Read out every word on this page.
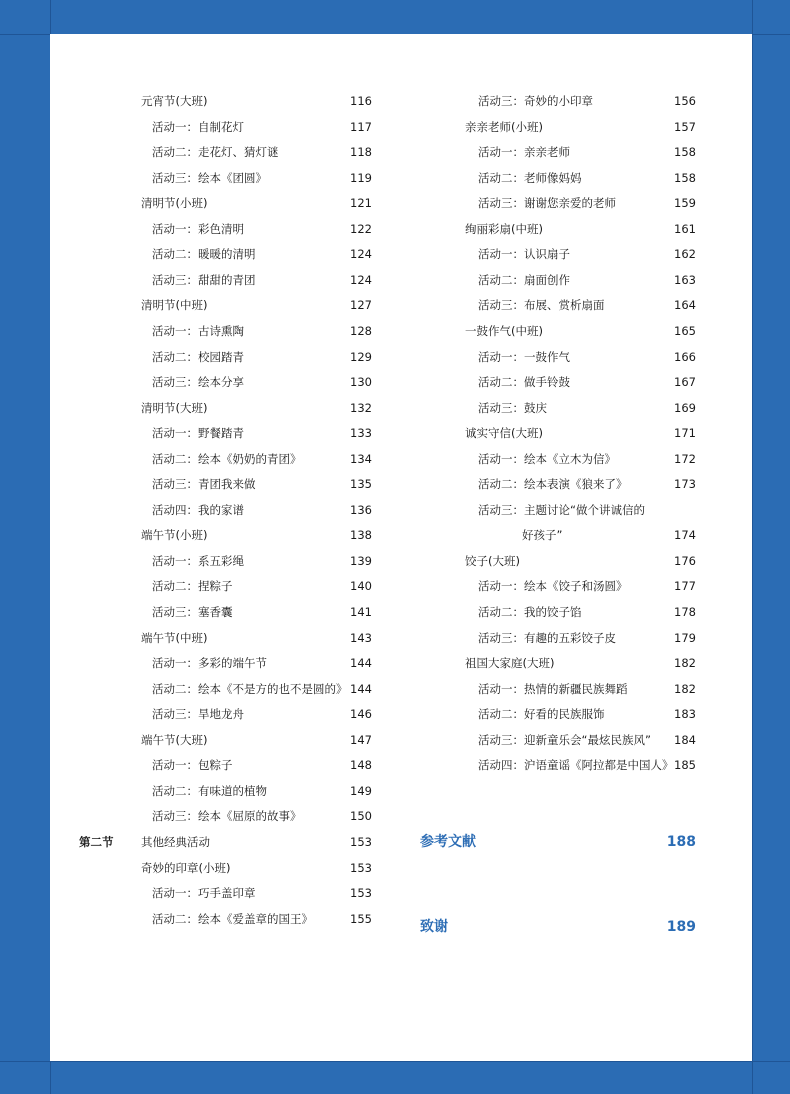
元宵节(大班)	116
活动一：自制花灯	117
活动二：走花灯、猜灯谜	118
活动三：绘本《团圆》	119
清明节(小班)	121
活动一：彩色清明	122
活动二：暖暖的清明	124
活动三：甜甜的青团	124
清明节(中班)	127
活动一：古诗熏陶	128
活动二：校园踏青	129
活动三：绘本分享	130
清明节(大班)	132
活动一：野餐踏青	133
活动二：绘本《奶奶的青团》	134
活动三：青团我来做	135
活动四：我的家谱	136
端午节(小班)	138
活动一：系五彩绳	139
活动二：捏粽子	140
活动三：塞香囊	141
端午节(中班)	143
活动一：多彩的端午节	144
活动二：绘本《不是方的也不是圆的》 144
活动三：旱地龙舟	146
端午节(大班)	147
活动一：包粽子	148
活动二：有味道的植物	149
活动三：绘本《屈原的故事》	150
第二节 其他经典活动	153
奇妙的印章(小班)	153
活动一：巧手盖印章	153
活动二：绘本《爱盖章的国王》	155
活动三：奇妙的小印章	156
亲亲老师(小班)	157
活动一：亲亲老师	158
活动二：老师像妈妈	158
活动三：谢谢您亲爱的老师	159
绚丽彩扇(中班)	161
活动一：认识扇子	162
活动二：扇面创作	163
活动三：布展、赏析扇面	164
一鼓作气(中班)	165
活动一：一鼓作气	166
活动二：做手铃鼓	167
活动三：鼓庆	169
诚实守信(大班)	171
活动一：绘本《立木为信》	172
活动二：绘本表演《狼来了》	173
活动三：主题讨论“做个讲诚信的
好孩子”	174
饺子(大班)	176
活动一：绘本《饺子和汤圆》	177
活动二：我的饺子馅	178
活动三：有趣的五彩饺子皮	179
祖国大家庭(大班)	182
活动一：热情的新疆民族舞蹈	182
活动二：好看的民族服饰	183
活动三：迎新童乐会“最炫民族风” 184
活动四：沪语童谣《阿拉都是中国人》 185
参考文献	188
致谢	189
